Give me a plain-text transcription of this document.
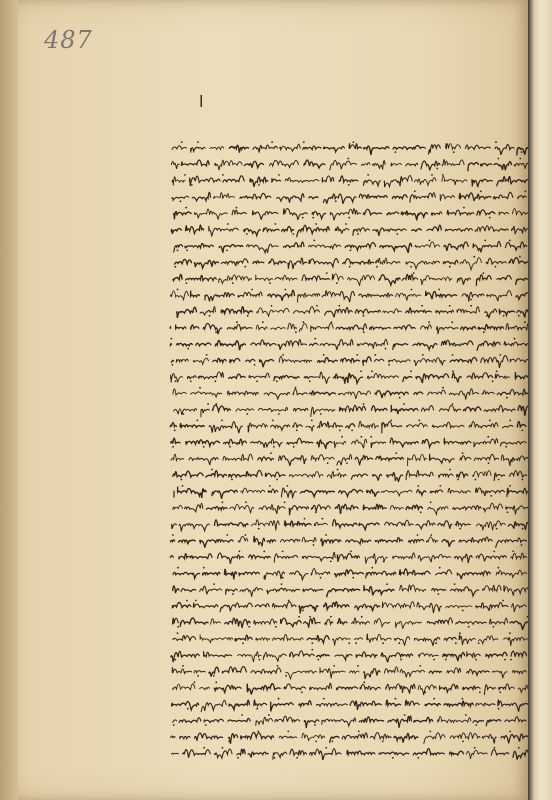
487
ا
